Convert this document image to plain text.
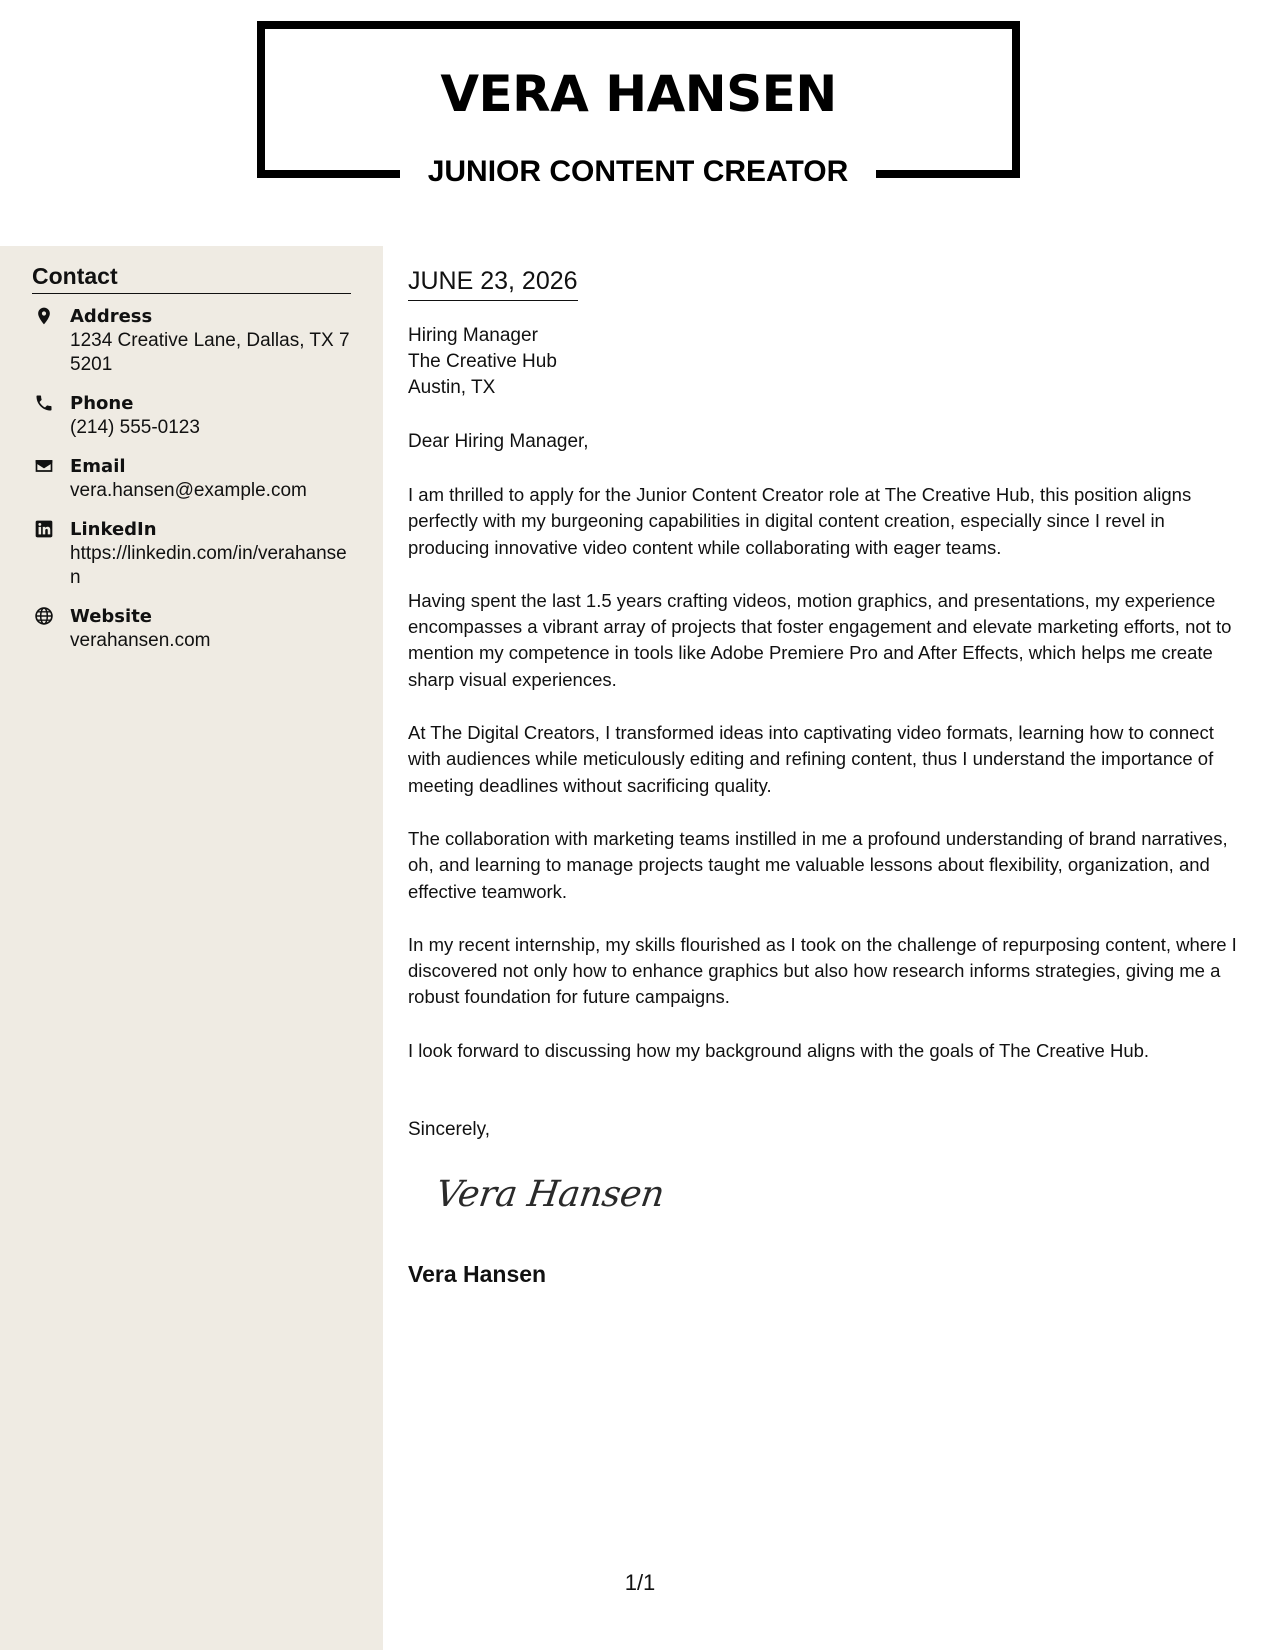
VERA HANSEN
JUNIOR CONTENT CREATOR
Contact
Address
1234 Creative Lane, Dallas, TX 75201
Phone
(214) 555-0123
Email
vera.hansen@example.com
LinkedIn
https://linkedin.com/in/verahansen
Website
verahansen.com
JUNE 23, 2026
Hiring Manager
The Creative Hub
Austin, TX

Dear Hiring Manager,

I am thrilled to apply for the Junior Content Creator role at The Creative Hub, this position aligns perfectly with my burgeoning capabilities in digital content creation, especially since I revel in producing innovative video content while collaborating with eager teams.

Having spent the last 1.5 years crafting videos, motion graphics, and presentations, my experience encompasses a vibrant array of projects that foster engagement and elevate marketing efforts, not to mention my competence in tools like Adobe Premiere Pro and After Effects, which helps me create sharp visual experiences.

At The Digital Creators, I transformed ideas into captivating video formats, learning how to connect with audiences while meticulously editing and refining content, thus I understand the importance of meeting deadlines without sacrificing quality.

The collaboration with marketing teams instilled in me a profound understanding of brand narratives, oh, and learning to manage projects taught me valuable lessons about flexibility, organization, and effective teamwork.

In my recent internship, my skills flourished as I took on the challenge of repurposing content, where I discovered not only how to enhance graphics but also how research informs strategies, giving me a robust foundation for future campaigns.

I look forward to discussing how my background aligns with the goals of The Creative Hub.

Sincerely,

Vera Hansen

Vera Hansen

1/1
